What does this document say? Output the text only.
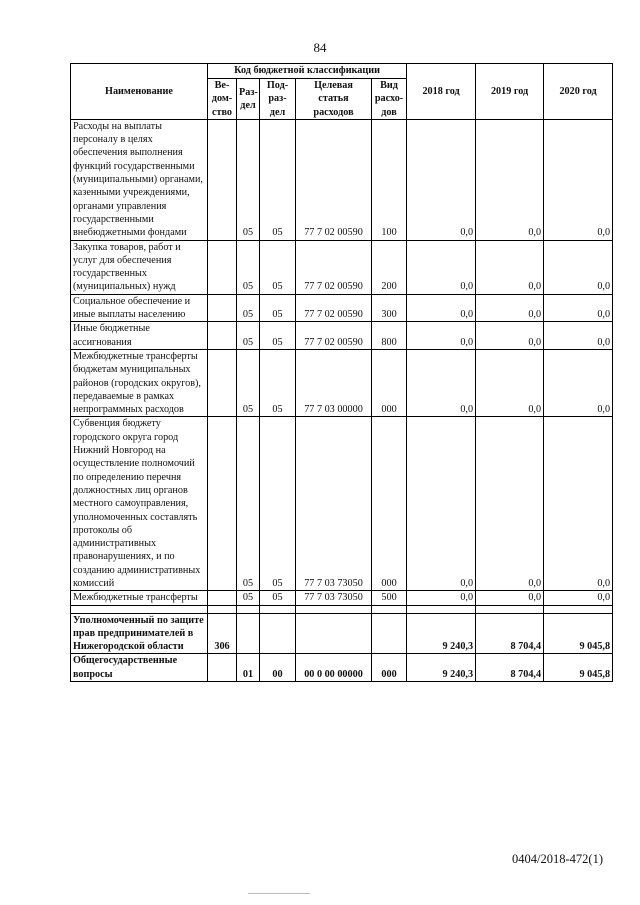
84
Наименование	Код бюджетной классификации					2018 год	2019 год	2020 год
	Ве-
дом-
ство	Раз-
дел	Под-
раз-
дел	Целевая
статья
расходов	Вид
расхо-
дов			
Расходы на выплаты персоналу в целях обеспечения выполнения функций государственными (муниципальными) органами, казенными учреждениями, органами управления государственными внебюджетными фондами		05	05	77 7 02 00590	100	0,0	0,0	0,0
Закупка товаров, работ и услуг для обеспечения государственных (муниципальных) нужд		05	05	77 7 02 00590	200	0,0	0,0	0,0
Социальное обеспечение и иные выплаты населению		05	05	77 7 02 00590	300	0,0	0,0	0,0
Иные бюджетные ассигнования		05	05	77 7 02 00590	800	0,0	0,0	0,0
Межбюджетные трансферты бюджетам муниципальных районов (городских округов), передаваемые в рамках непрограммных расходов		05	05	77 7 03 00000	000	0,0	0,0	0,0
Субвенция бюджету городского округа город Нижний Новгород на осуществление полномочий по определению перечня должностных лиц органов местного самоуправления, уполномоченных составлять протоколы об административных правонарушениях, и по созданию административных комиссий		05	05	77 7 03 73050	000	0,0	0,0	0,0
Межбюджетные трансферты		05	05	77 7 03 73050	500	0,0	0,0	0,0

Уполномоченный по защите прав предпринимателей в Нижегородской области	306					9 240,3	8 704,4	9 045,8
Общегосударственные вопросы		01	00	00 0 00 00000	000	9 240,3	8 704,4	9 045,8
0404/2018-472(1)
